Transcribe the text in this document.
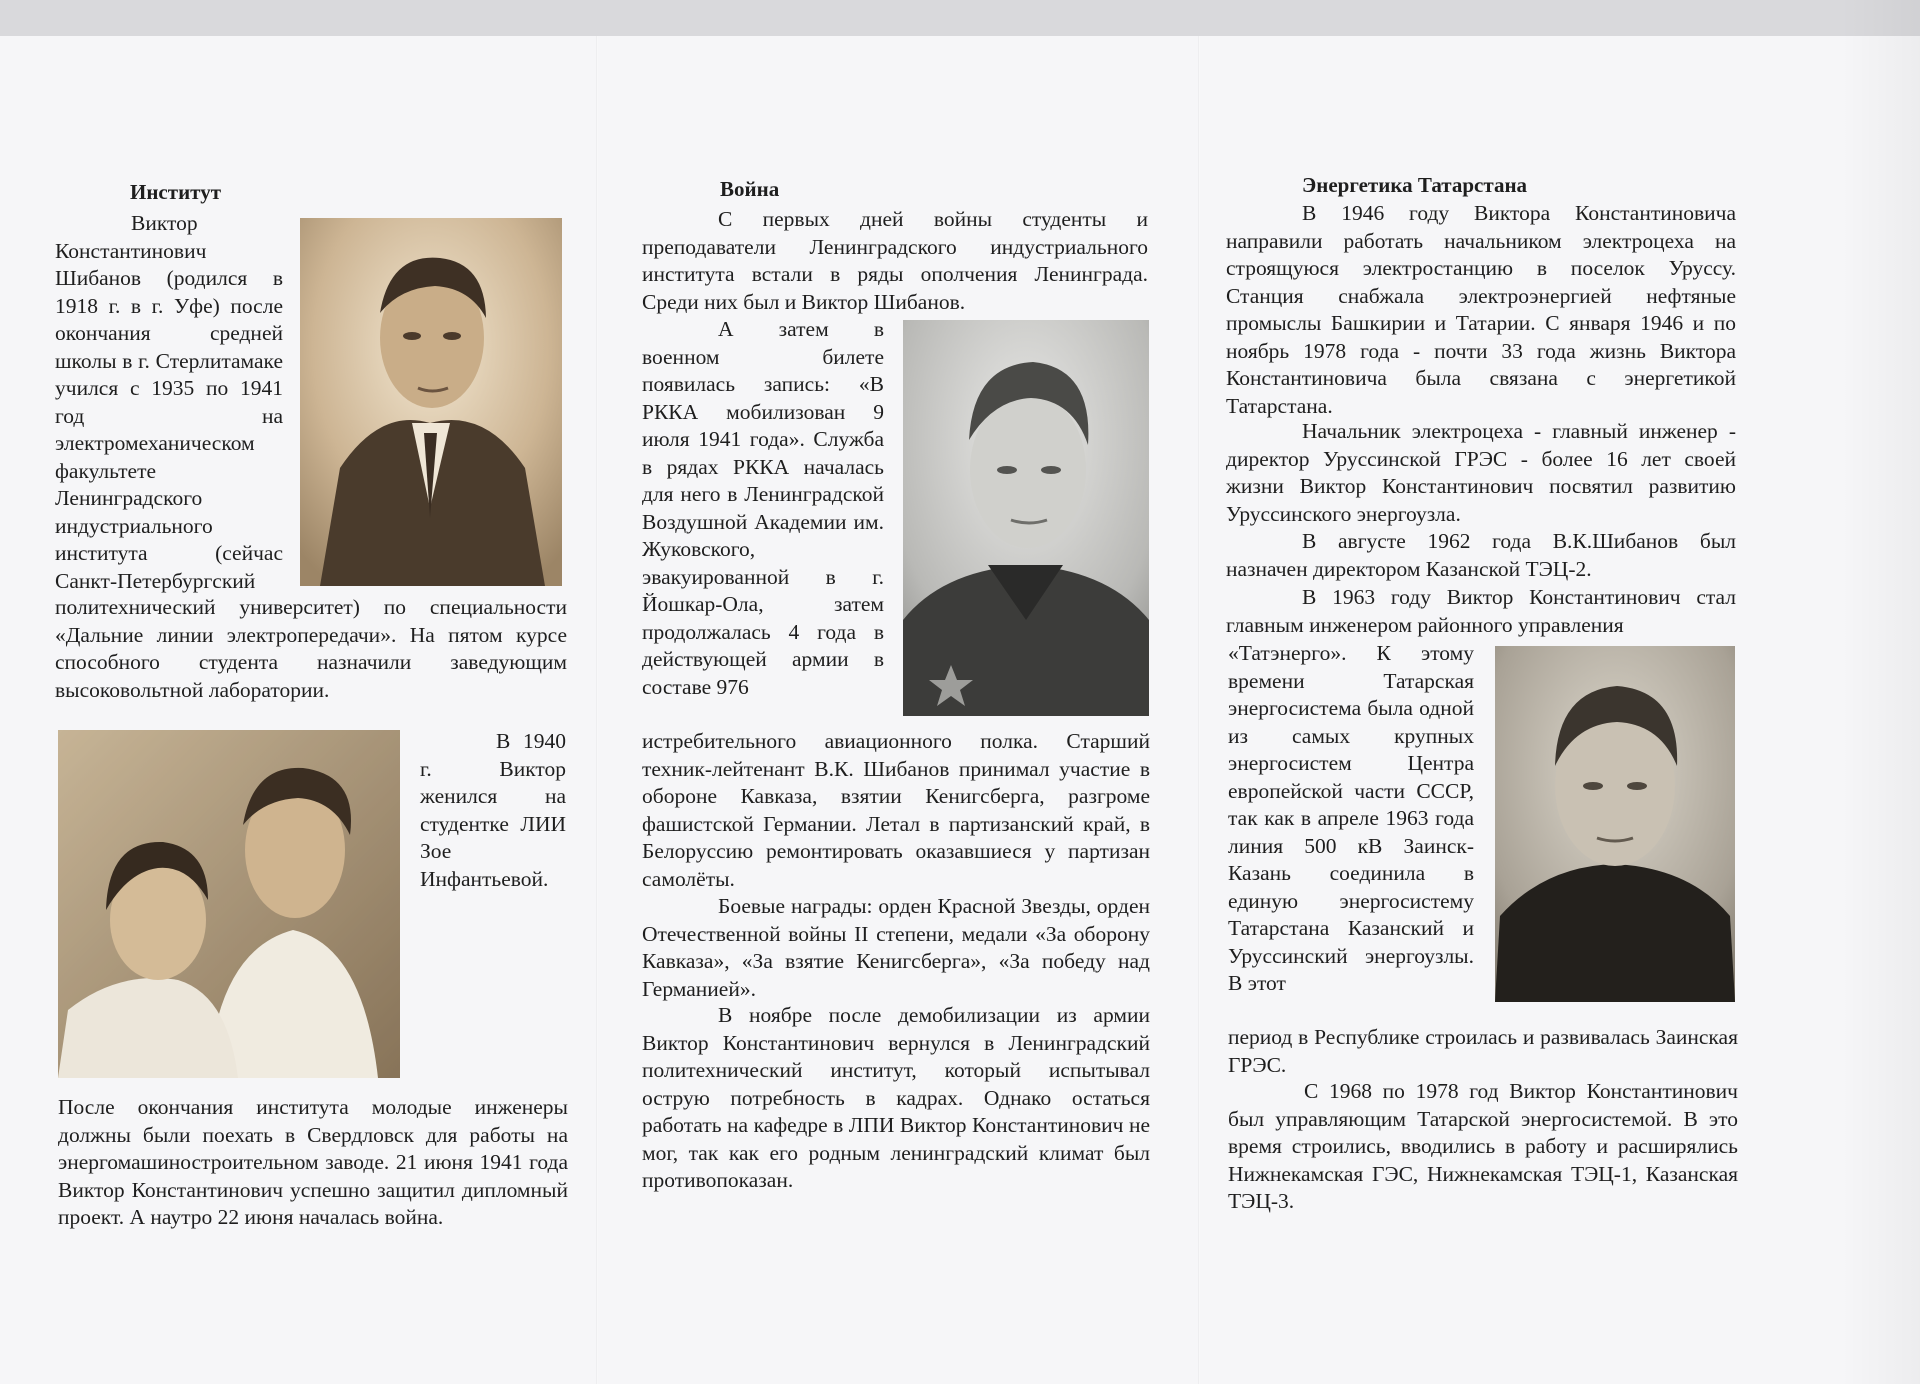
Институт

Виктор Константинович Шибанов (родился в 1918 г. в г. Уфе) после окончания средней школы в г. Стерлитамаке учился с 1935 по 1941 год на электромеханическом факультете Ленинградского индустриального института (сейчас Санкт-Петербургский

политехнический университет) по специальности «Дальние линии электропередачи». На пятом курсе способного студента назначили заведующим высоковольтной лаборатории.

В 1940 г. Виктор женился на студентке ЛИИ Зое Инфантьевой.

После окончания института молодые инженеры должны были поехать в Свердловск для работы на энергомашиностроительном заводе. 21 июня 1941 года Виктор Константинович успешно защитил дипломный проект. А наутро 22 июня началась война.

Война

С первых дней войны студенты и преподаватели Ленинградского индустриального института встали в ряды ополчения Ленинграда. Среди них был и Виктор Шибанов.

А затем в военном билете появилась запись: «В РККА мобилизован 9 июля 1941 года». Служба в рядах РККА началась для него в Ленинградской Воздушной Академии им. Жуковского, эвакуированной в г. Йошкар-Ола, затем продолжалась 4 года в действующей армии в составе 976

истребительного авиационного полка. Старший техник-лейтенант В.К. Шибанов принимал участие в обороне Кавказа, взятии Кенигсберга, разгроме фашистской Германии. Летал в партизанский край, в Белоруссию ремонтировать оказавшиеся у партизан самолёты.

Боевые награды: орден Красной Звезды, орден Отечественной войны II степени, медали «За оборону Кавказа», «За взятие Кенигсберга», «За победу над Германией».

В ноябре после демобилизации из армии Виктор Константинович вернулся в Ленинградский политехнический институт, который испытывал острую потребность в кадрах. Однако остаться работать на кафедре в ЛПИ Виктор Константинович не мог, так как его родным ленинградский климат был противопоказан.

Энергетика Татарстана

В 1946 году Виктора Константиновича направили работать начальником электроцеха на строящуюся электростанцию в поселок Уруссу. Станция снабжала электроэнергией нефтяные промыслы Башкирии и Татарии. С января 1946 и по ноябрь 1978 года - почти 33 года жизнь Виктора Константиновича была связана с энергетикой Татарстана.

Начальник электроцеха - главный инженер - директор Уруссинской ГРЭС - более 16 лет своей жизни Виктор Константинович посвятил развитию Уруссинского энергоузла.

В августе 1962 года В.К.Шибанов был назначен директором Казанской ТЭЦ-2.

В 1963 году Виктор Константинович стал главным инженером районного управления

«Татэнерго». К этому времени Татарская энергосистема была одной из самых крупных энергосистем Центра европейской части СССР, так как в апреле 1963 года линия 500 кВ Заинск-Казань соединила в единую энергосистему Татарстана Казанский и Уруссинский энергоузлы. В этот

период в Республике строилась и развивалась Заинская ГРЭС.

С 1968 по 1978 год Виктор Константинович был управляющим Татарской энергосистемой. В это время строились, вводились в работу и расширялись Нижнекамская ГЭС, Нижнекамская ТЭЦ-1, Казанская ТЭЦ-3.
